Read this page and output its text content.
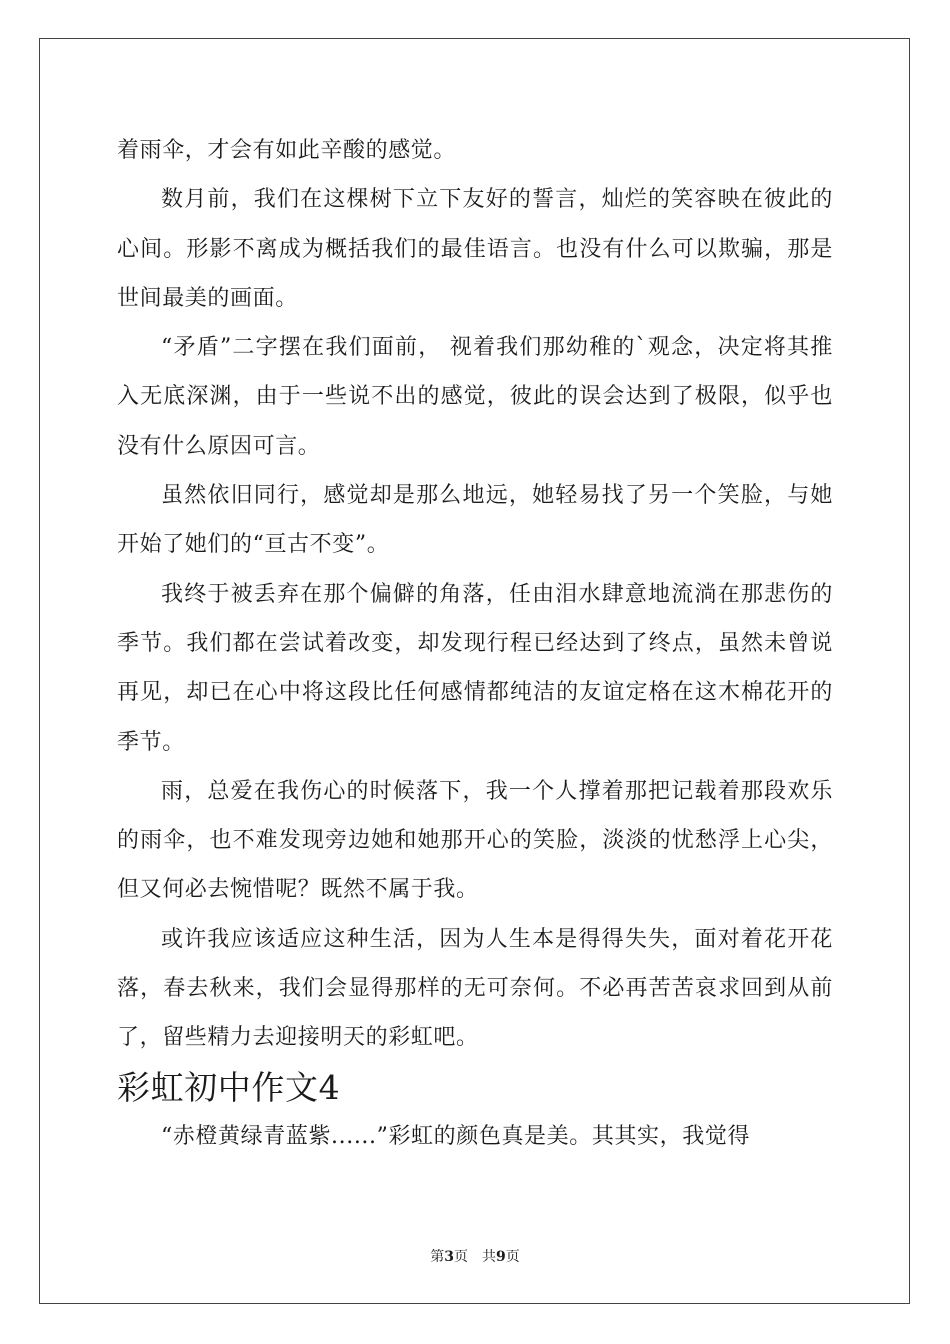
着雨伞，才会有如此辛酸的感觉。

数月前，我们在这棵树下立下友好的誓言，灿烂的笑容映在彼此的心间。形影不离成为概括我们的最佳语言。也没有什么可以欺骗，那是世间最美的画面。

“矛盾”二字摆在我们面前， 视着我们那幼稚的`观念，决定将其推入无底深渊，由于一些说不出的感觉，彼此的误会达到了极限，似乎也没有什么原因可言。

虽然依旧同行，感觉却是那么地远，她轻易找了另一个笑脸，与她开始了她们的“亘古不变”。

我终于被丢弃在那个偏僻的角落，任由泪水肆意地流淌在那悲伤的季节。我们都在尝试着改变，却发现行程已经达到了终点，虽然未曾说再见，却已在心中将这段比任何感情都纯洁的友谊定格在这木棉花开的季节。

雨，总爱在我伤心的时候落下，我一个人撑着那把记载着那段欢乐的雨伞，也不难发现旁边她和她那开心的笑脸，淡淡的忧愁浮上心尖，但又何必去惋惜呢？既然不属于我。

或许我应该适应这种生活，因为人生本是得得失失，面对着花开花落，春去秋来，我们会显得那样的无可奈何。不必再苦苦哀求回到从前了，留些精力去迎接明天的彩虹吧。

彩虹初中作文4

“赤橙黄绿青蓝紫......”彩虹的颜色真是美。其其实，我觉得

第3页　共9页
